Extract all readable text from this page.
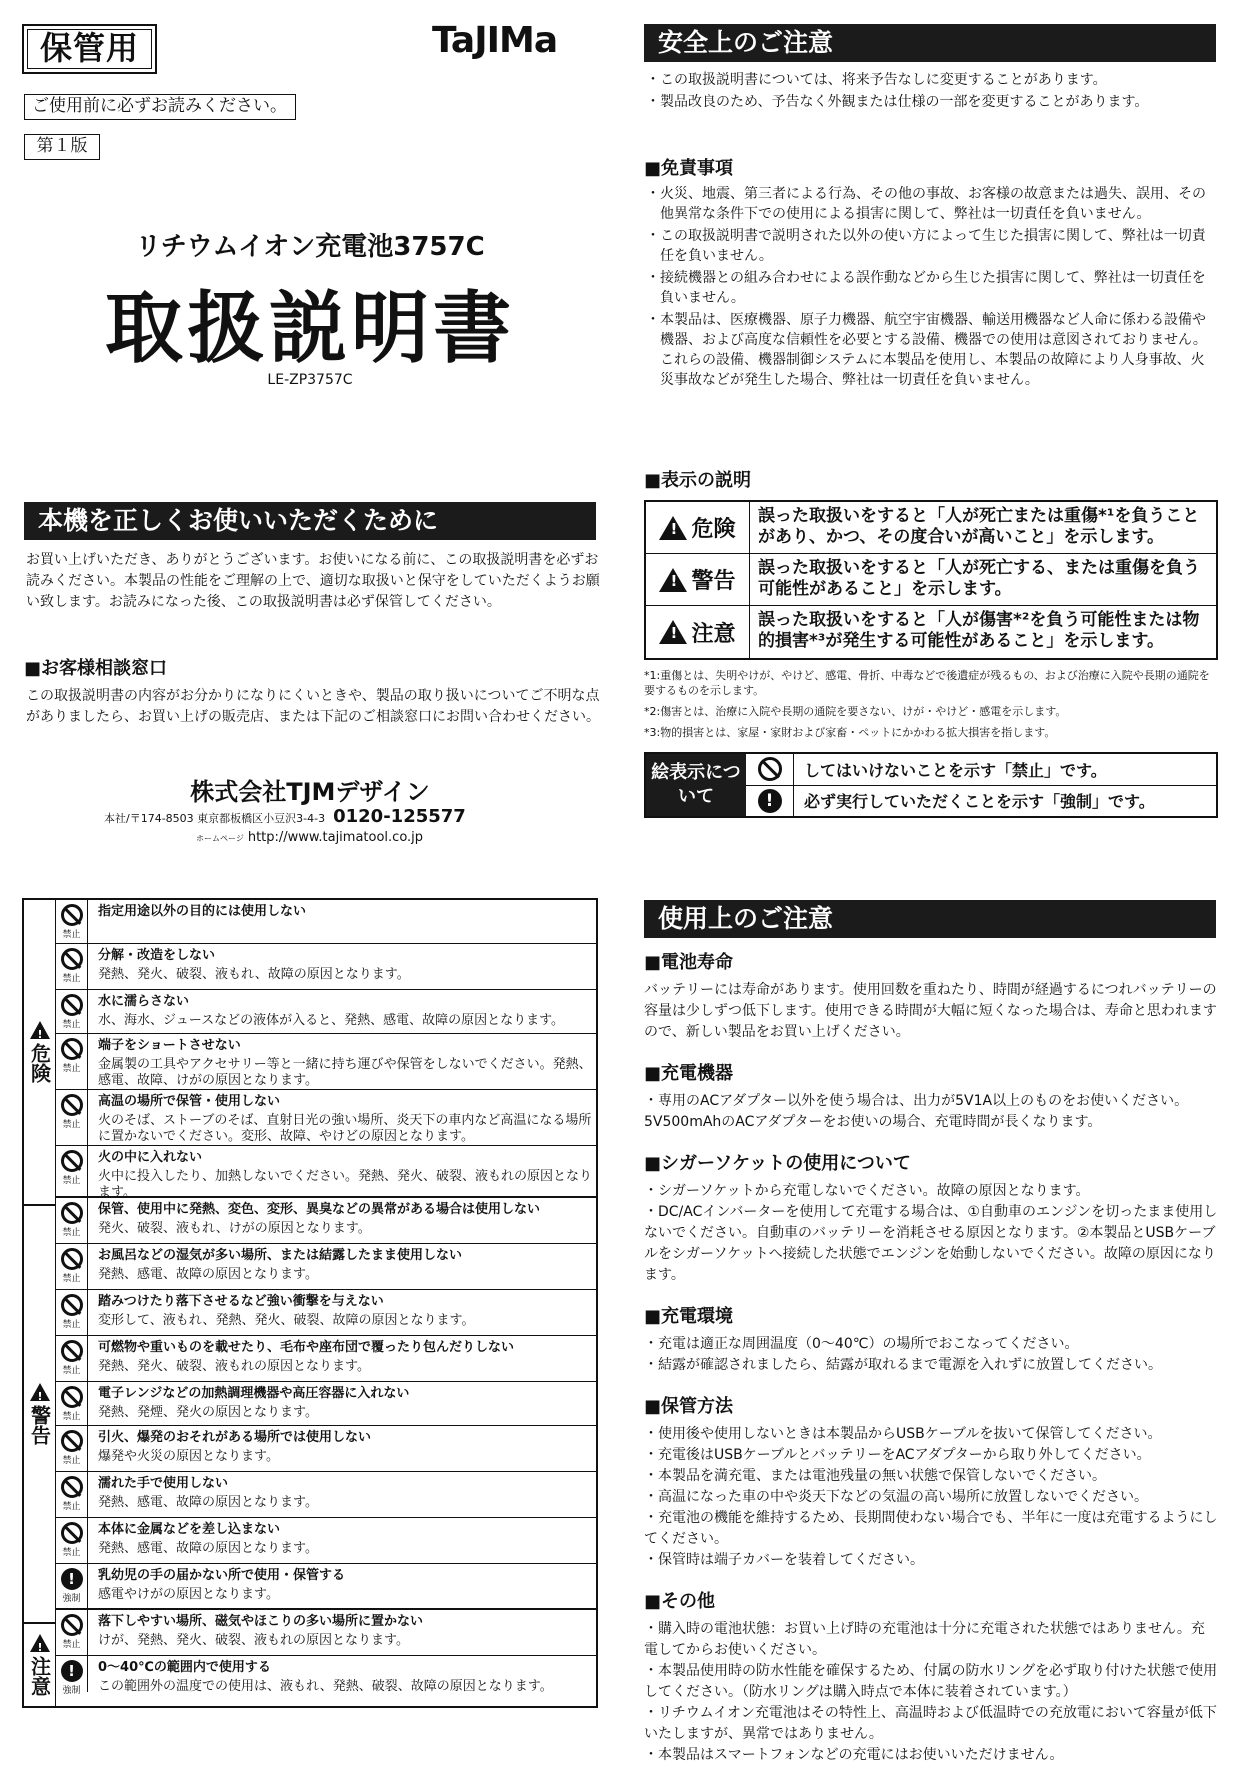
保管用
ご使用前に必ずお読みください。
第１版
TaJIMa
リチウムイオン充電池3757C
取扱説明書
LE-ZP3757C
本機を正しくお使いいただくために
お買い上げいただき、ありがとうございます。お使いになる前に、この取扱説明書を必ずお読みください。本製品の性能をご理解の上で、適切な取扱いと保守をしていただくようお願い致します。お読みになった後、この取扱説明書は必ず保管してください。
■お客様相談窓口
この取扱説明書の内容がお分かりになりにくいときや、製品の取り扱いについてご不明な点がありましたら、お買い上げの販売店、または下記のご相談窓口にお問い合わせください。
株式会社TJMデザイン
本社/〒174-8503 東京都板橋区小豆沢3-4-3 0120-125577
ホームページ http://www.tajimatool.co.jp
安全上のご注意

・この取扱説明書については、将来予告なしに変更することがあります。

・製品改良のため、予告なく外観または仕様の一部を変更することがあります。

■免責事項

・火災、地震、第三者による行為、その他の事故、お客様の故意または過失、誤用、その他異常な条件下での使用による損害に関して、弊社は一切責任を負いません。

・この取扱説明書で説明された以外の使い方によって生じた損害に関して、弊社は一切責任を負いません。

・接続機器との組み合わせによる誤作動などから生じた損害に関して、弊社は一切責任を負いません。

・本製品は、医療機器、原子力機器、航空宇宙機器、輸送用機器など人命に係わる設備や機器、および高度な信頼性を必要とする設備、機器での使用は意図されておりません。これらの設備、機器制御システムに本製品を使用し、本製品の故障により人身事故、火災事故などが発生した場合、弊社は一切責任を負いません。

■表示の説明
!
危険
誤った取扱いをすると「人が死亡または重傷*¹を負うことがあり、かつ、その度合いが高いこと」を示します。
!
警告
誤った取扱いをすると「人が死亡する、または重傷を負う可能性があること」を示します。
!
注意
誤った取扱いをすると「人が傷害*²を負う可能性または物的損害*³が発生する可能性があること」を示します。
*1:重傷とは、失明やけが、やけど、感電、骨折、中毒などで後遺症が残るもの、および治療に入院や長期の通院を要するものを示します。
*2:傷害とは、治療に入院や長期の通院を要さない、けが・やけど・感電を示します。
*3:物的損害とは、家屋・家財および家畜・ペットにかかわる拡大損害を指します。
絵表示について
してはいけないことを示す「禁止」です。
!	必ず実行していただくことを示す「強制」です。
!
危険
!
警告
!
注意
禁止
指定用途以外の目的には使用しない
禁止
分解・改造をしない
発熱、発火、破裂、液もれ、故障の原因となります。
禁止
水に濡らさない
水、海水、ジュースなどの液体が入ると、発熱、感電、故障の原因となります。
禁止
端子をショートさせない
金属製の工具やアクセサリー等と一緒に持ち運びや保管をしないでください。発熱、感電、故障、けがの原因となります。
禁止
高温の場所で保管・使用しない
火のそば、ストーブのそば、直射日光の強い場所、炎天下の車内など高温になる場所に置かないでください。変形、故障、やけどの原因となります。
禁止
火の中に入れない
火中に投入したり、加熱しないでください。発熱、発火、破裂、液もれの原因となります。
禁止
保管、使用中に発熱、変色、変形、異臭などの異常がある場合は使用しない
発火、破裂、液もれ、けがの原因となります。
禁止
お風呂などの湿気が多い場所、または結露したまま使用しない
発熱、感電、故障の原因となります。
禁止
踏みつけたり落下させるなど強い衝撃を与えない
変形して、液もれ、発熱、発火、破裂、故障の原因となります。
禁止
可燃物や重いものを載せたり、毛布や座布団で覆ったり包んだりしない
発熱、発火、破裂、液もれの原因となります。
禁止
電子レンジなどの加熱調理機器や高圧容器に入れない
発熱、発煙、発火の原因となります。
禁止
引火、爆発のおそれがある場所では使用しない
爆発や火災の原因となります。
禁止
濡れた手で使用しない
発熱、感電、故障の原因となります。
禁止
本体に金属などを差し込まない
発熱、感電、故障の原因となります。
!
強制
乳幼児の手の届かない所で使用・保管する
感電やけがの原因となります。
禁止
落下しやすい場所、磁気やほこりの多い場所に置かない
けが、発熱、発火、破裂、液もれの原因となります。
!
強制
0～40℃の範囲内で使用する
この範囲外の温度での使用は、液もれ、発熱、破裂、故障の原因となります。
使用上のご注意
■電池寿命
バッテリーには寿命があります。使用回数を重ねたり、時間が経過するにつれバッテリーの容量は少しずつ低下します。使用できる時間が大幅に短くなった場合は、寿命と思われますので、新しい製品をお買い上げください。
■充電機器
・専用のACアダプター以外を使う場合は、出力が5V1A以上のものをお使いください。5V500mAhのACアダプターをお使いの場合、充電時間が長くなります。
■シガーソケットの使用について
・シガーソケットから充電しないでください。故障の原因となります。
・DC/ACインバーターを使用して充電する場合は、①自動車のエンジンを切ったまま使用しないでください。自動車のバッテリーを消耗させる原因となります。②本製品とUSBケーブルをシガーソケットへ接続した状態でエンジンを始動しないでください。故障の原因になります。
■充電環境
・充電は適正な周囲温度（0～40℃）の場所でおこなってください。
・結露が確認されましたら、結露が取れるまで電源を入れずに放置してください。
■保管方法
・使用後や使用しないときは本製品からUSBケーブルを抜いて保管してください。
・充電後はUSBケーブルとバッテリーをACアダプターから取り外してください。
・本製品を満充電、または電池残量の無い状態で保管しないでください。
・高温になった車の中や炎天下などの気温の高い場所に放置しないでください。
・充電池の機能を維持するため、長期間使わない場合でも、半年に一度は充電するようにしてください。
・保管時は端子カバーを装着してください。
■その他
・購入時の電池状態：お買い上げ時の充電池は十分に充電された状態ではありません。充電してからお使いください。
・本製品使用時の防水性能を確保するため、付属の防水リングを必ず取り付けた状態で使用してください。（防水リングは購入時点で本体に装着されています。）
・リチウムイオン充電池はその特性上、高温時および低温時での充放電において容量が低下いたしますが、異常ではありません。
・本製品はスマートフォンなどの充電にはお使いいただけません。
